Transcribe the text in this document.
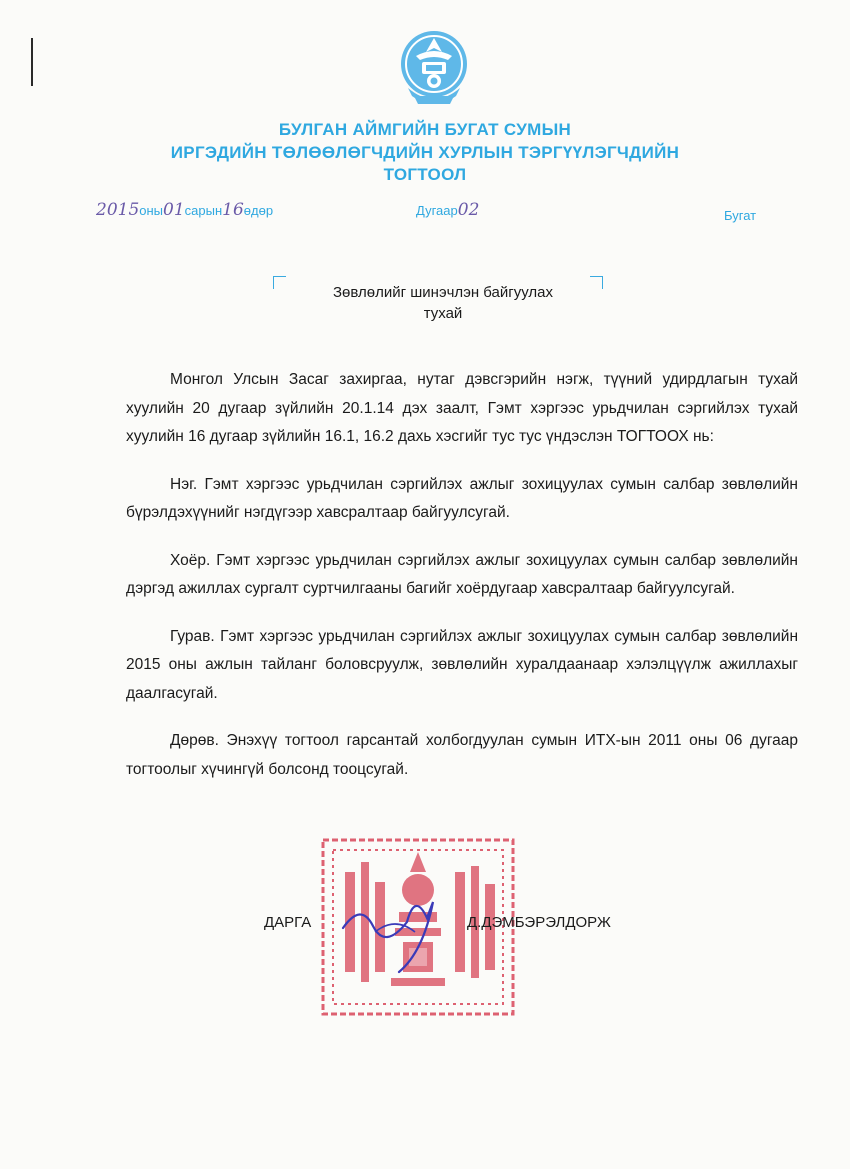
БУЛГАН АЙМГИЙН БУГАТ СУМЫН
ИРГЭДИЙН ТӨЛӨӨЛӨГЧДИЙН ХУРЛЫН ТЭРГҮҮЛЭГЧДИЙН
ТОГТООЛ
2015оны01сарын16өдөр	Дугаар02	Бугат
Зөвлөлийг шинэчлэн байгуулах
тухай

Монгол Улсын Засаг захиргаа, нутаг дэвсгэрийн нэгж, түүний удирдлагын тухай хуулийн 20 дугаар зүйлийн 20.1.14 дэх заалт, Гэмт хэргээс урьдчилан сэргийлэх тухай хуулийн 16 дугаар зүйлийн 16.1, 16.2 дахь хэсгийг тус тус үндэслэн ТОГТООХ нь:

Нэг. Гэмт хэргээс урьдчилан сэргийлэх ажлыг зохицуулах сумын салбар зөвлөлийн бүрэлдэхүүнийг нэгдүгээр хавсралтаар байгуулсугай.

Хоёр. Гэмт хэргээс урьдчилан сэргийлэх ажлыг зохицуулах сумын салбар зөвлөлийн дэргэд ажиллах сургалт суртчилгааны багийг хоёрдугаар хавсралтаар байгуулсугай.

Гурав. Гэмт хэргээс урьдчилан сэргийлэх ажлыг зохицуулах сумын салбар зөвлөлийн 2015 оны ажлын тайланг боловсруулж, зөвлөлийн хуралдаанаар хэлэлцүүлж ажиллахыг даалгасугай.

Дөрөв. Энэхүү тогтоол гарсантай холбогдуулан сумын ИТХ-ын 2011 оны 06 дугаар тогтоолыг хүчингүй болсонд тооцсугай.

ДАРГА	Д.ДЭМБЭРЭЛДОРЖ
